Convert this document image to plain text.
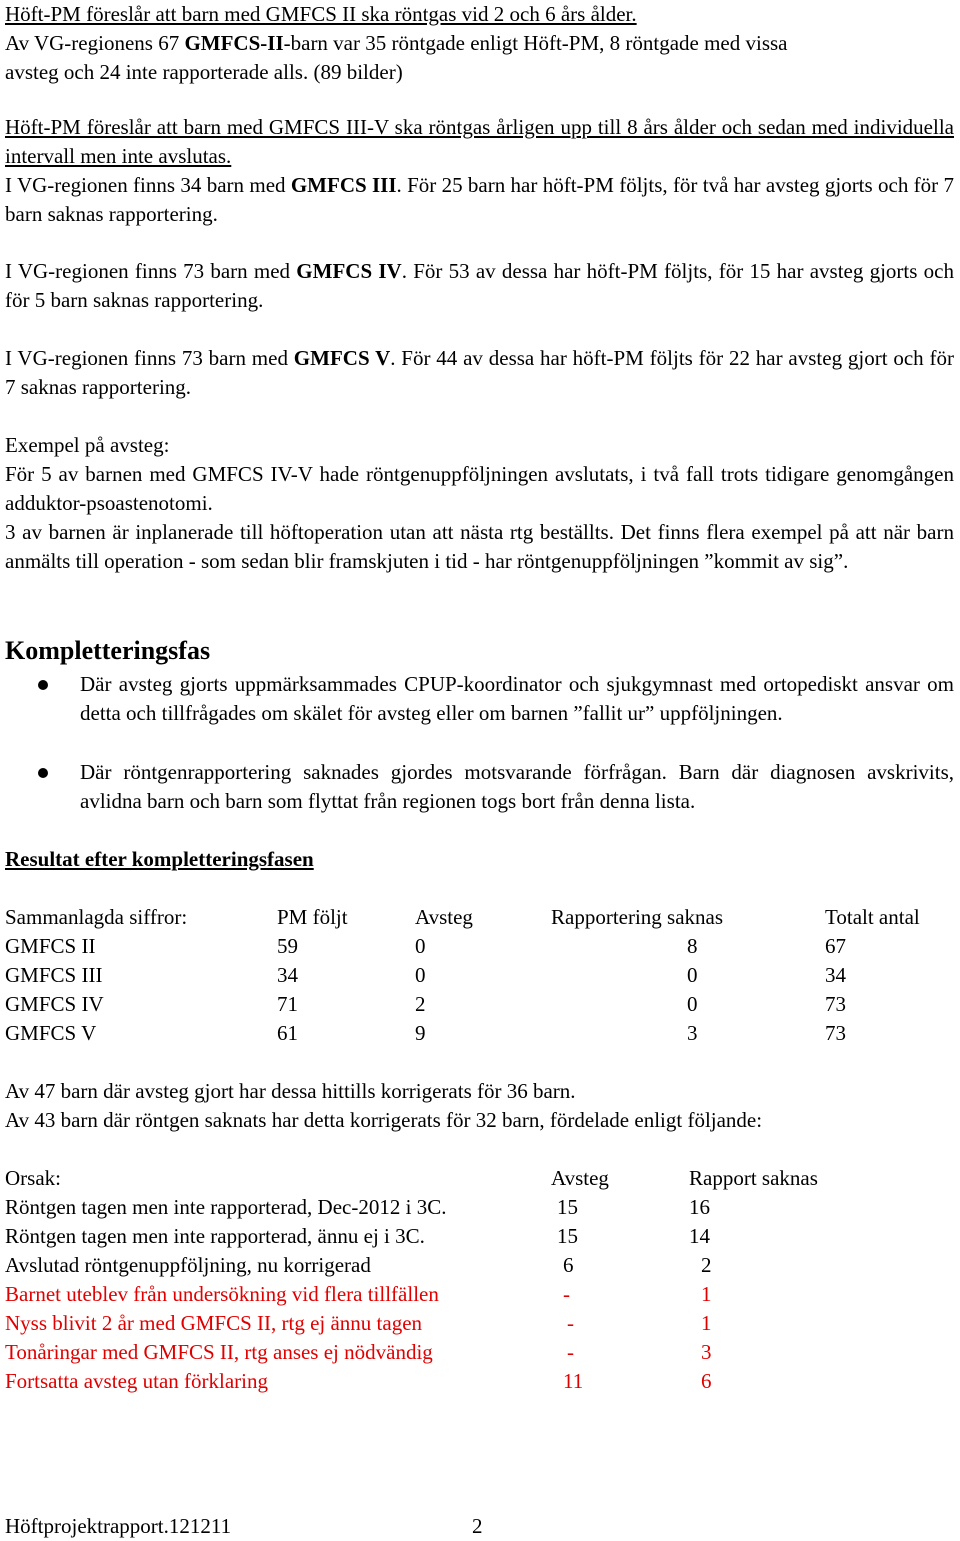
Höft-PM föreslår att barn med GMFCS II ska röntgas vid 2 och 6 års ålder.
Av VG-regionens 67 GMFCS-II-barn var 35 röntgade enligt Höft-PM, 8 röntgade med vissa
avsteg och 24 inte rapporterade alls. (89 bilder)
Höft-PM föreslår att barn med GMFCS III-V ska röntgas årligen upp till 8 års ålder och sedan med individuella intervall men inte avslutas.
I VG-regionen finns 34 barn med GMFCS III. För 25 barn har höft-PM följts, för två har avsteg gjorts och för 7 barn saknas rapportering.
I VG-regionen finns 73 barn med GMFCS IV. För 53 av dessa har höft-PM följts, för 15 har avsteg gjorts och för 5 barn saknas rapportering.
I VG-regionen finns 73 barn med GMFCS V. För 44 av dessa har höft-PM följts för 22 har avsteg gjort och för 7 saknas rapportering.
Exempel på avsteg:
För 5 av barnen med GMFCS IV-V hade röntgenuppföljningen avslutats, i två fall trots tidigare genomgången adduktor-psoastenotomi.
3 av barnen är inplanerade till höftoperation utan att nästa rtg beställts. Det finns flera exempel på att när barn anmälts till operation - som sedan blir framskjuten i tid - har röntgenuppföljningen ”kommit av sig”.
Kompletteringsfas
Där avsteg gjorts uppmärksammades CPUP-koordinator och sjukgymnast med ortopediskt ansvar om detta och tillfrågades om skälet för avsteg eller om barnen ”fallit ur” uppföljningen.
Där röntgenrapportering saknades gjordes motsvarande förfrågan. Barn där diagnosen avskrivits, avlidna barn och barn som flyttat från regionen togs bort från denna lista.
Resultat efter kompletteringsfasen
Sammanlagda siffror:	PM följt	Avsteg	Rapportering saknas	Totalt antal
GMFCS II	59	0	8	67
GMFCS III	34	0	0	34
GMFCS IV	71	2	0	73
GMFCS V	61	9	3	73
Av 47 barn där avsteg gjort har dessa hittills korrigerats för 36 barn.
Av 43 barn där röntgen saknats har detta korrigerats för 32 barn, fördelade enligt följande:
Orsak:	Avsteg	Rapport saknas
Röntgen tagen men inte rapporterad, Dec-2012 i 3C.	15	16
Röntgen tagen men inte rapporterad, ännu ej i 3C.	15	14
Avslutad röntgenuppföljning, nu korrigerad	6	2
Barnet uteblev från undersökning vid flera tillfällen	-	1
Nyss blivit 2 år med GMFCS II, rtg ej ännu tagen	-	1
Tonåringar med GMFCS II, rtg anses ej nödvändig	-	3
Fortsatta avsteg utan förklaring	11	6
Höftprojektrapport.121211	2
